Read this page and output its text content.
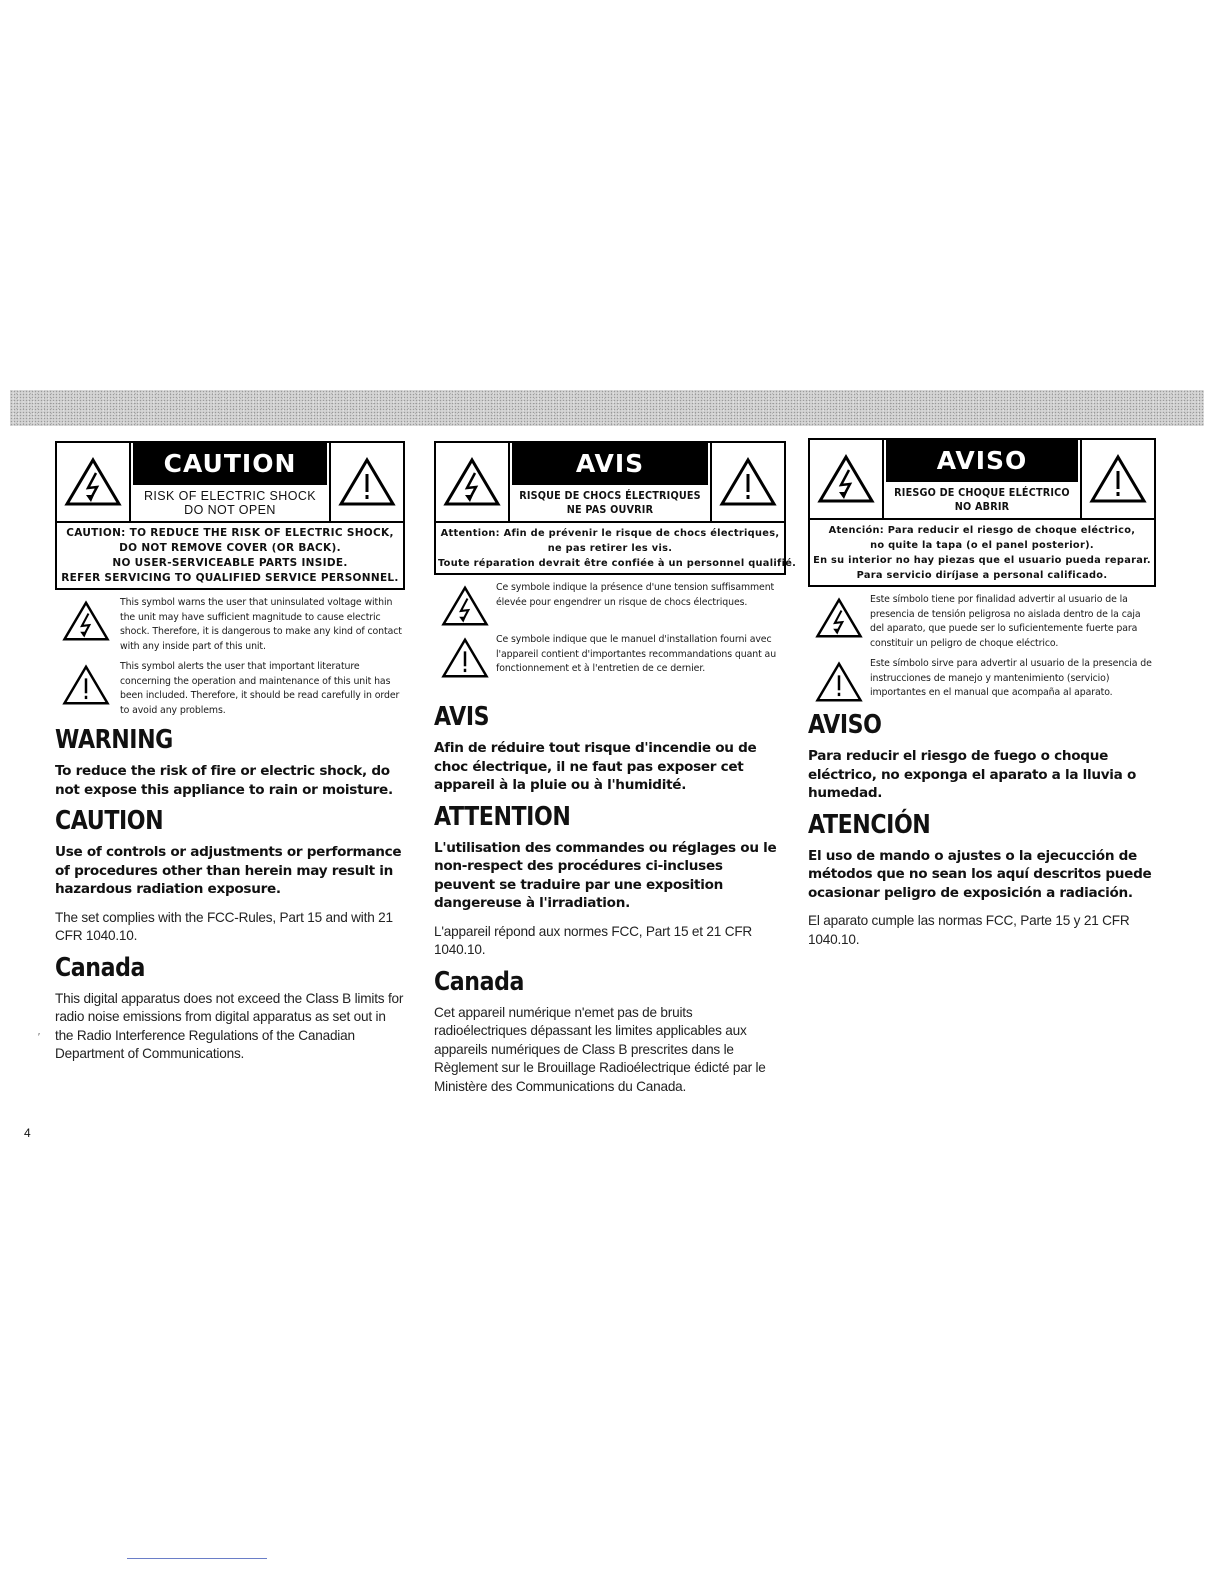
CAUTION
RISK OF ELECTRIC SHOCK
DO NOT OPEN
CAUTION: TO REDUCE THE RISK OF ELECTRIC SHOCK,
DO NOT REMOVE COVER (OR BACK).
NO USER-SERVICEABLE PARTS INSIDE.
REFER SERVICING TO QUALIFIED SERVICE PERSONNEL.
This symbol warns the user that uninsulated voltage within the unit may have sufficient magnitude to cause electric shock. Therefore, it is dangerous to make any kind of contact with any inside part of this unit.
This symbol alerts the user that important literature concerning the operation and maintenance of this unit has been included. Therefore, it should be read carefully in order to avoid any problems.
WARNING

To reduce the risk of fire or electric shock, do not expose this appliance to rain or moisture.

CAUTION

Use of controls or adjustments or performance of procedures other than herein may result in hazardous radiation exposure.

The set complies with the FCC-Rules, Part 15 and with 21 CFR 1040.10.

Canada

This digital apparatus does not exceed the Class B limits for radio noise emissions from digital apparatus as set out in the Radio Interference Regulations of the Canadian Department of Communications.

AVIS
RISQUE DE CHOCS ÉLECTRIQUES
NE PAS OUVRIR
Attention: Afin de prévenir le risque de chocs électriques,
ne pas retirer les vis.
Toute réparation devrait être confiée à un personnel qualifié.
Ce symbole indique la présence d'une tension suffisamment élevée pour engendrer un risque de chocs électriques.
Ce symbole indique que le manuel d'installation fourni avec l'appareil contient d'importantes recommandations quant au fonctionnement et à l'entretien de ce dernier.
AVIS

Afin de réduire tout risque d'incendie ou de choc électrique, il ne faut pas exposer cet appareil à la pluie ou à l'humidité.

ATTENTION

L'utilisation des commandes ou réglages ou le non-respect des procédures ci-incluses peuvent se traduire par une exposition dangereuse à l'irradiation.

L'appareil répond aux normes FCC, Part 15 et 21 CFR 1040.10.

Canada

Cet appareil numérique n'emet pas de bruits radioélectriques dépassant les limites applicables aux appareils numériques de Class B prescrites dans le Règlement sur le Brouillage Radioélectrique édicté par le Ministère des Communications du Canada.

AVISO
RIESGO DE CHOQUE ELÉCTRICO
NO ABRIR
Atención: Para reducir el riesgo de choque eléctrico,
no quite la tapa (o el panel posterior).
En su interior no hay piezas que el usuario pueda reparar.
Para servicio diríjase a personal calificado.
Este símbolo tiene por finalidad advertir al usuario de la presencia de tensión peligrosa no aislada dentro de la caja del aparato, que puede ser lo suficientemente fuerte para constituir un peligro de choque eléctrico.
Este símbolo sirve para advertir al usuario de la presencia de instrucciones de manejo y mantenimiento (servicio) importantes en el manual que acompaña al aparato.
AVISO

Para reducir el riesgo de fuego o choque eléctrico, no exponga el aparato a la lluvia o humedad.

ATENCIÓN

El uso de mando o ajustes o la ejecucción de métodos que no sean los aquí descritos puede ocasionar peligro de exposición a radiación.

El aparato cumple las normas FCC, Parte 15 y 21 CFR 1040.10.

′
4
